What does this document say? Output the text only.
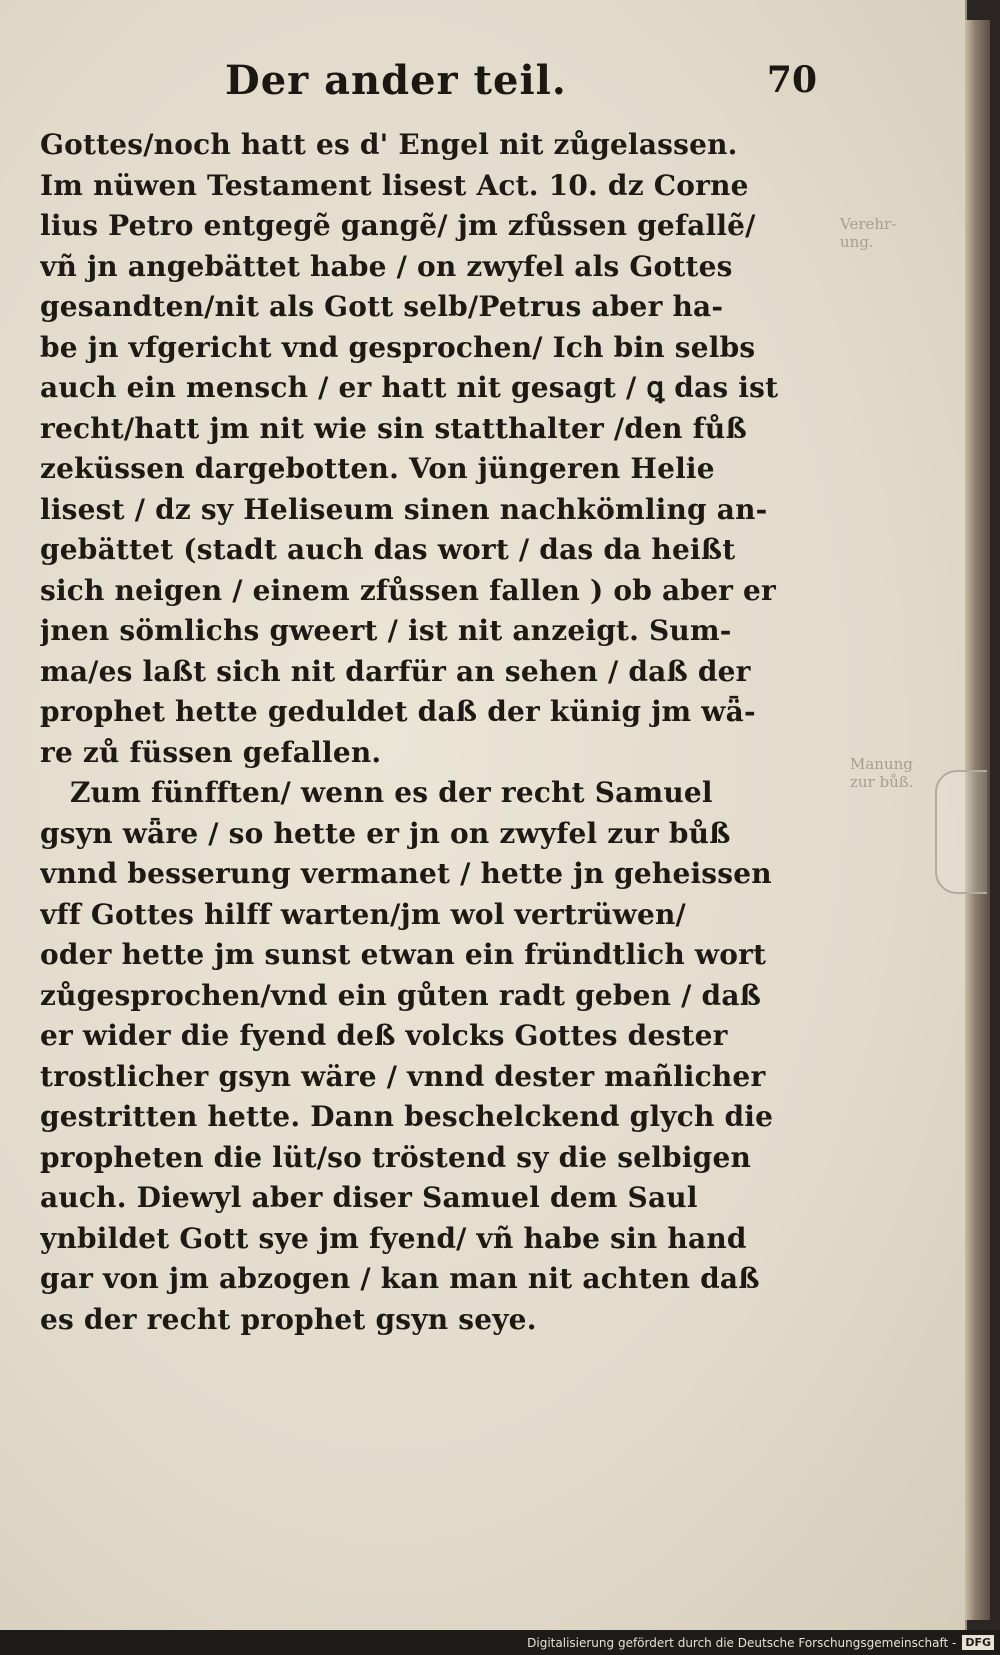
Der ander teil.	70
Gottes/noch hatt es d' Engel nit zůgelassen.
Im nüwen Testament lisest Act. 10. dz Corne
lius Petro entgegẽ gangẽ/ jm zfůssen gefallẽ/
vñ jn angebättet habe / on zwyfel als Gottes
gesandten/nit als Gott selb/Petrus aber ha-
be jn vfgericht vnd gesprochen/ Ich bin selbs
auch ein mensch / er hatt nit gesagt / ꝗ das ist
recht/hatt jm nit wie sin statthalter /den fůß
zeküssen dargebotten. Von jüngeren Helie
lisest / dz sy Heliseum sinen nachkömling an-
gebättet (stadt auch das wort / das da heißt
sich neigen / einem zfůssen fallen ) ob aber er
jnen sömlichs gweert / ist nit anzeigt. Sum-
ma/es laßt sich nit darfür an sehen / daß der
prophet hette geduldet daß der künig jm wǟ-
re zů füssen gefallen.
Zum fünfften/ wenn es der recht Samuel
gsyn wǟre / so hette er jn on zwyfel zur bůß
vnnd besserung vermanet / hette jn geheissen
vff Gottes hilff warten/jm wol vertrüwen/
oder hette jm sunst etwan ein fründtlich wort
zůgesprochen/vnd ein gůten radt geben / daß
er wider die fyend deß volcks Gottes dester
trostlicher gsyn wäre / vnnd dester mañlicher
gestritten hette. Dann beschelckend glych die
propheten die lüt/so tröstend sy die selbigen
auch. Diewyl aber diser Samuel dem Saul
ynbildet Gott sye jm fyend/ vñ habe sin hand
gar von jm abzogen / kan man nit achten daß
es der recht prophet gsyn seye.
Verehr-
ung.
Manung
zur bůß.
Digitalisierung gefördert durch die Deutsche Forschungsgemeinschaft - DFG
